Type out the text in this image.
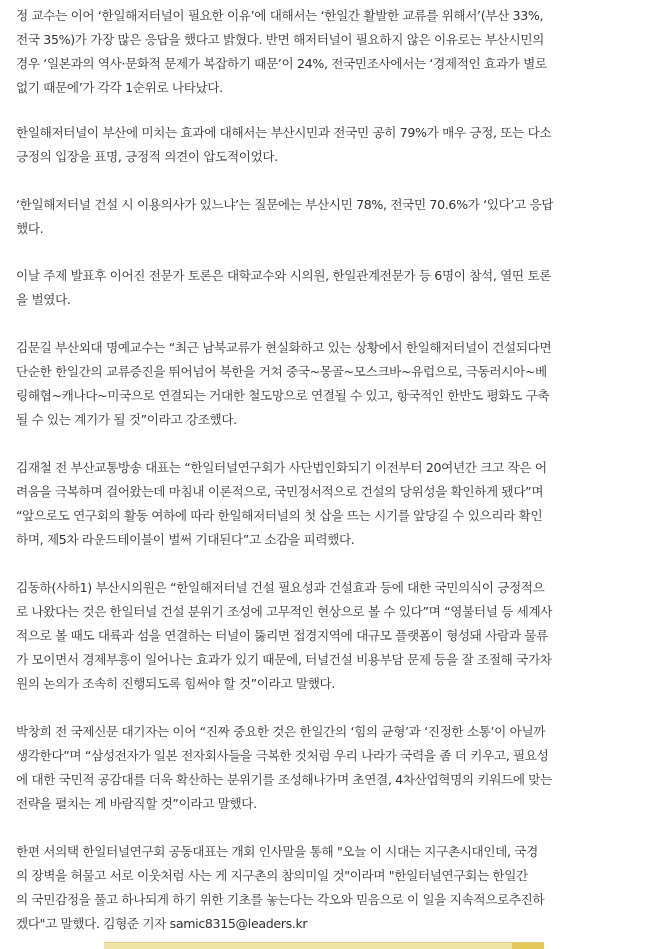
정 교수는 이어 ‘한일해저터널이 필요한 이유’에 대해서는 ‘한일간 활발한 교류를 위해서’(부산 33%,
전국 35%)가 가장 많은 응답을 했다고 밝혔다. 반면 해저터널이 필요하지 않은 이유로는 부산시민의
경우 ‘일본과의 역사·문화적 문제가 복잡하기 때문’이 24%, 전국민조사에서는 ‘경제적인 효과가 별로
없기 때문에’가 각각 1순위로 나타났다.
한일해저터널이 부산에 미치는 효과에 대해서는 부산시민과 전국민 공히 79%가 매우 긍정, 또는 다소
긍정의 입장을 표명, 긍정적 의견이 압도적이었다.
‘한일해저터널 건설 시 이용의사가 있느냐’는 질문에는 부산시민 78%, 전국민 70.6%가 ‘있다’고 응답
했다.
이날 주제 발표후 이어진 전문가 토론은 대학교수와 시의원, 한일관계전문가 등 6명이 참석, 열띤 토론
을 벌였다.
김문길 부산외대 명예교수는 “최근 남북교류가 현실화하고 있는 상황에서 한일해저터널이 건설되다면
단순한 한일간의 교류증진을 뛰어넘어 북한을 거쳐 중국~몽골~모스크바~유럽으로, 극동러시아~베
링해협~캐나다~미국으로 연결되는 거대한 철도망으로 연결될 수 있고, 항국적인 한반도 평화도 구축
될 수 있는 계기가 될 것”이라고 강조했다.
김재철 전 부산교통방송 대표는 “한일터널연구회가 사단법인화되기 이전부터 20여년간 크고 작은 어
려움을 극복하며 걸어왔는데 마침내 이론적으로, 국민정서적으로 건설의 당위성을 확인하게 됐다”며
“앞으로도 연구회의 활동 여하에 따라 한일해저터널의 첫 삽을 뜨는 시기를 앞당길 수 있으리라 확인
하며, 제5차 라운드테이블이 벌써 기대된다”고 소감을 피력했다.
김동하(사하1) 부산시의원은 “한일해저터널 건설 필요성과 건설효과 등에 대한 국민의식이 긍정적으
로 나왔다는 것은 한일터널 건설 분위기 조성에 고무적인 현상으로 볼 수 있다”며 “영불터널 등 세계사
적으로 볼 때도 대륙과 섬을 연결하는 터널이 뚫리면 접경지역에 대규모 플랫폼이 형성돼 사람과 물류
가 모이면서 경제부흥이 일어나는 효과가 있기 때문에, 터널건설 비용부담 문제 등을 잘 조절해 국가차
원의 논의가 조속히 진행되도록 힘써야 할 것”이라고 말했다.
박창희 전 국제신문 대기자는 이어 “진짜 중요한 것은 한일간의 ‘힘의 균형’과 ‘진정한 소통’이 아닐까
생각한다”며 “삼성전자가 일본 전자회사들을 극복한 것처럼 우리 나라가 국력을 좀 더 키우고, 필요성
에 대한 국민적 공감대를 더욱 확산하는 분위기를 조성해나가며 초연결, 4차산업혁명의 키워드에 맞는
전략을 펼치는 게 바람직할 것”이라고 말했다.
한편 서의택 한일터널연구회 공동대표는 개회 인사말을 통해 "오늘 이 시대는 지구촌시대인데, 국경
의 장벽을 허물고 서로 이웃처럼 사는 게 지구촌의 참의미일 것"이라며 "한일터널연구회는 한일간
의 국민감정을 풀고 하나되게 하기 위한 기초를 놓는다는 각오와 믿음으로 이 일을 지속적으로추진하
겠다"고 말했다. 김형준 기자 samic8315@leaders.kr
